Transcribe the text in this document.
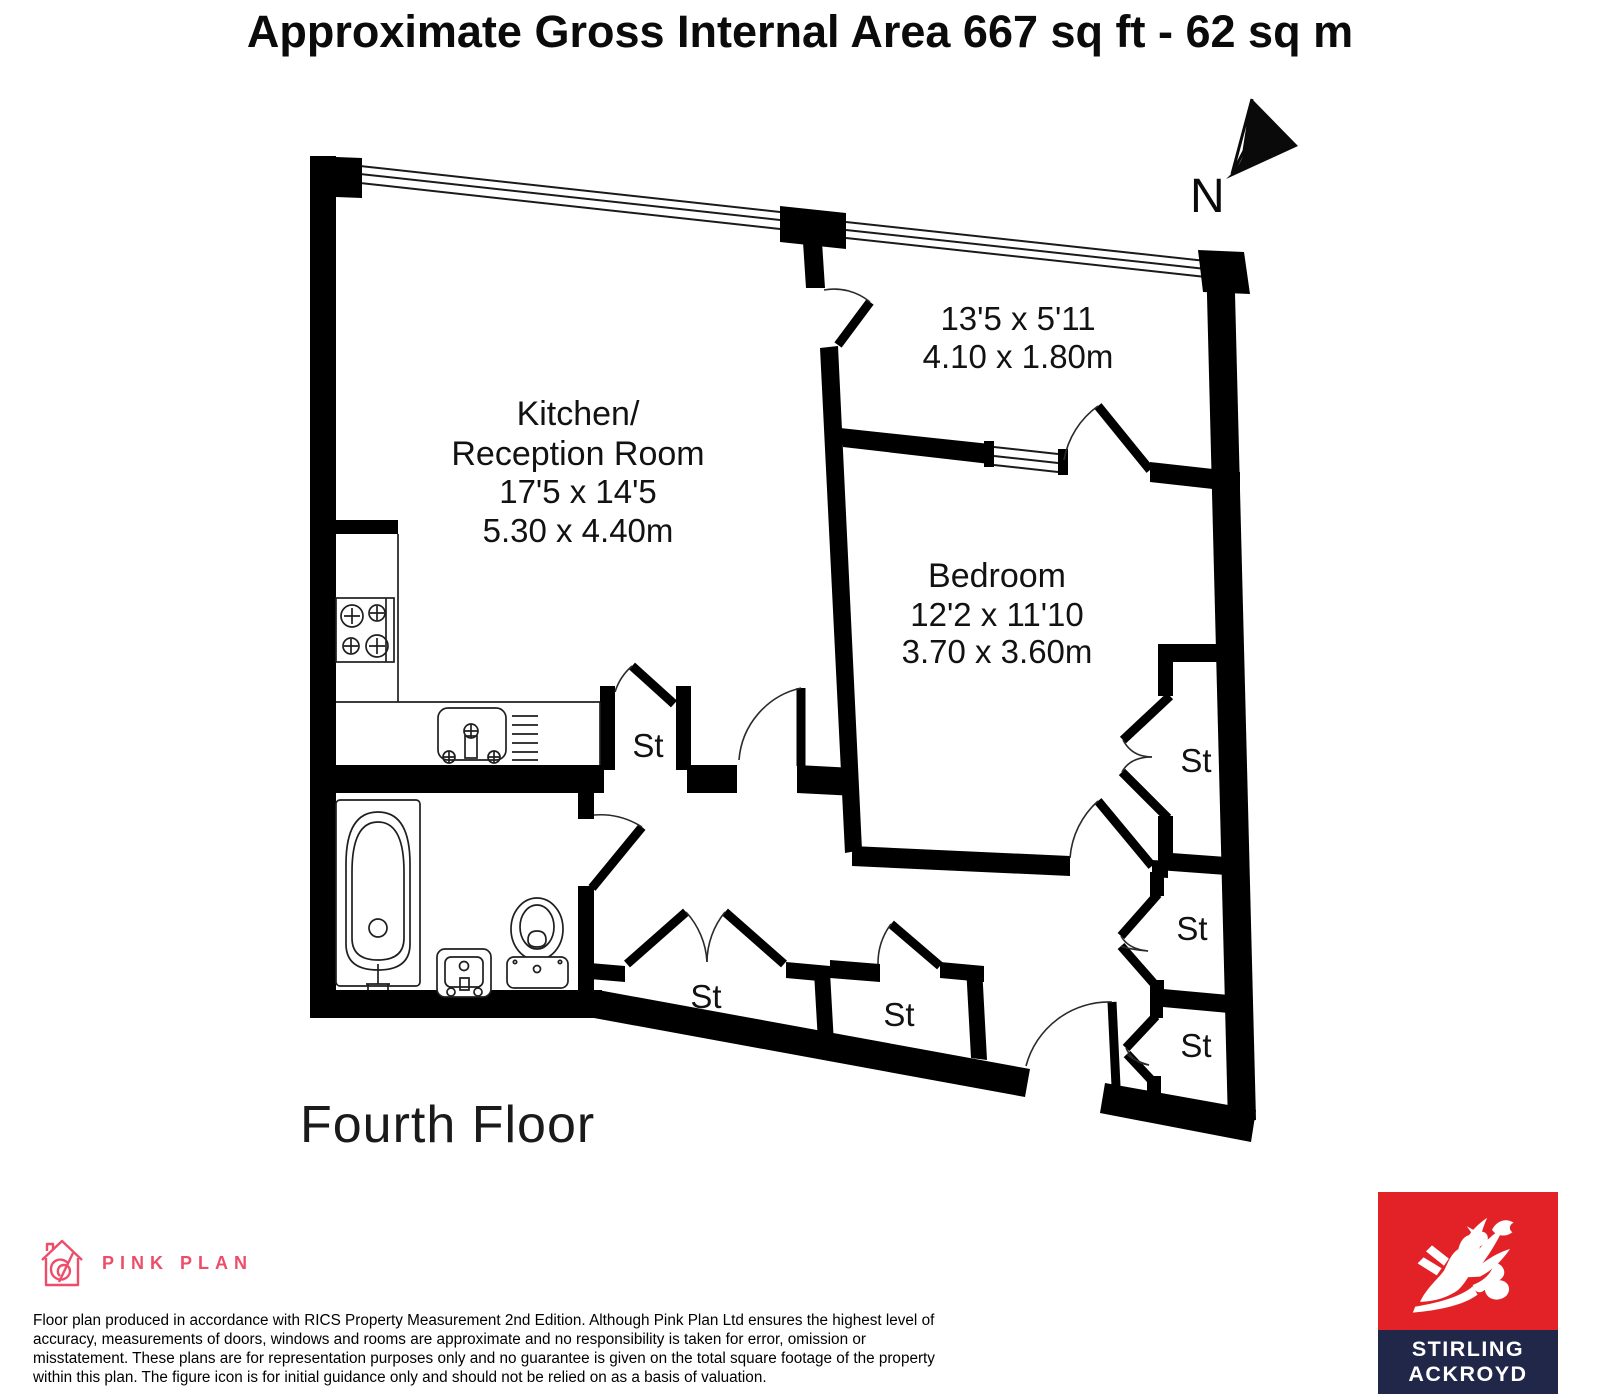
Approximate Gross Internal Area 667 sq ft - 62 sq m
N
Kitchen/
Reception Room
17'5 x 14'5
5.30 x 4.40m
13'5 x 5'11
4.10 x 1.80m
Bedroom
12'2 x 11'10
3.70 x 3.60m
St
St	St
St
St
St
Fourth Floor
PINK PLAN

Floor plan produced in accordance with RICS Property Measurement 2nd Edition. Although Pink Plan Ltd ensures the highest level of accuracy, measurements of doors, windows and rooms are approximate and no responsibility is taken for error, omission or misstatement. These plans are for representation purposes only and no guarantee is given on the total square footage of the property within this plan. The figure icon is for initial guidance only and should not be relied on as a basis of valuation.

STIRLING
ACKROYD
